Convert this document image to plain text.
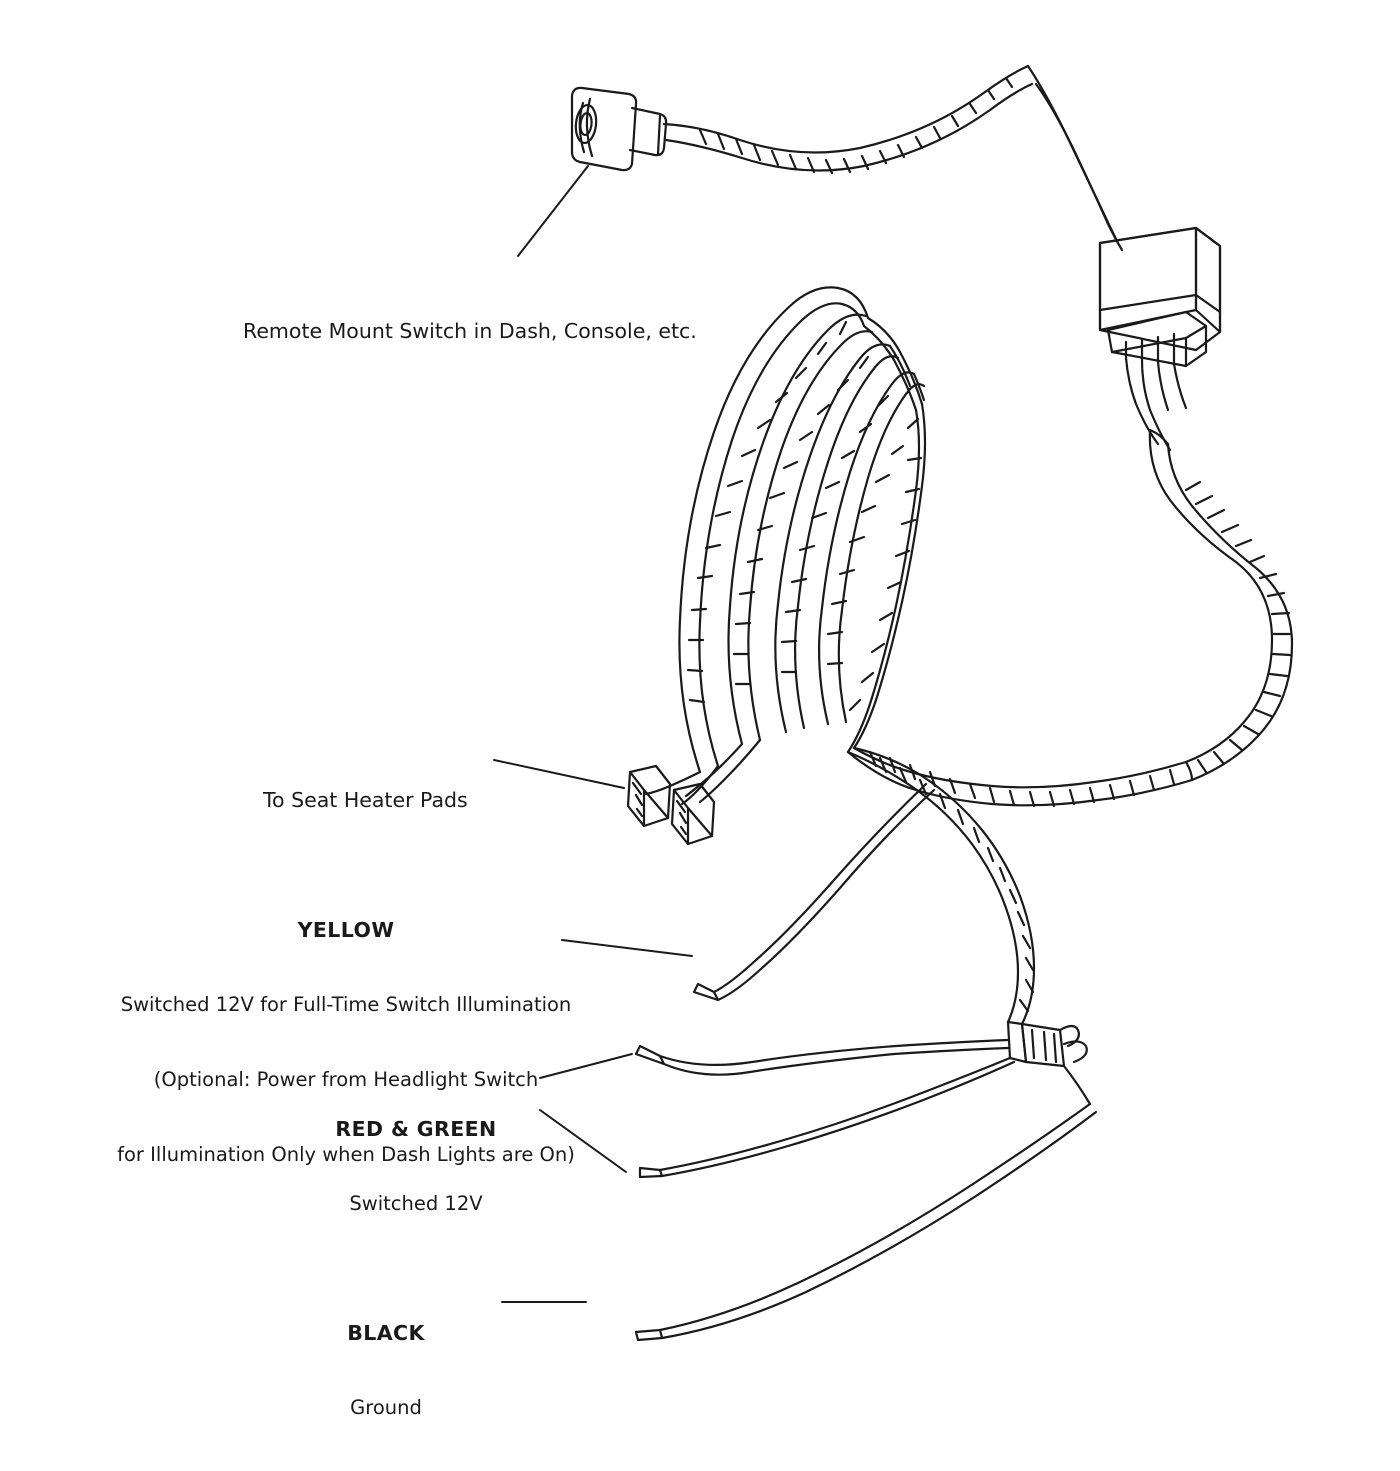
Remote Mount Switch in Dash, Console, etc.

To Seat Heater Pads

YELLOW

Switched 12V for Full-Time Switch Illumination

(Optional: Power from Headlight Switch

for Illumination Only when Dash Lights are On)

RED & GREEN

Switched 12V

BLACK

Ground
